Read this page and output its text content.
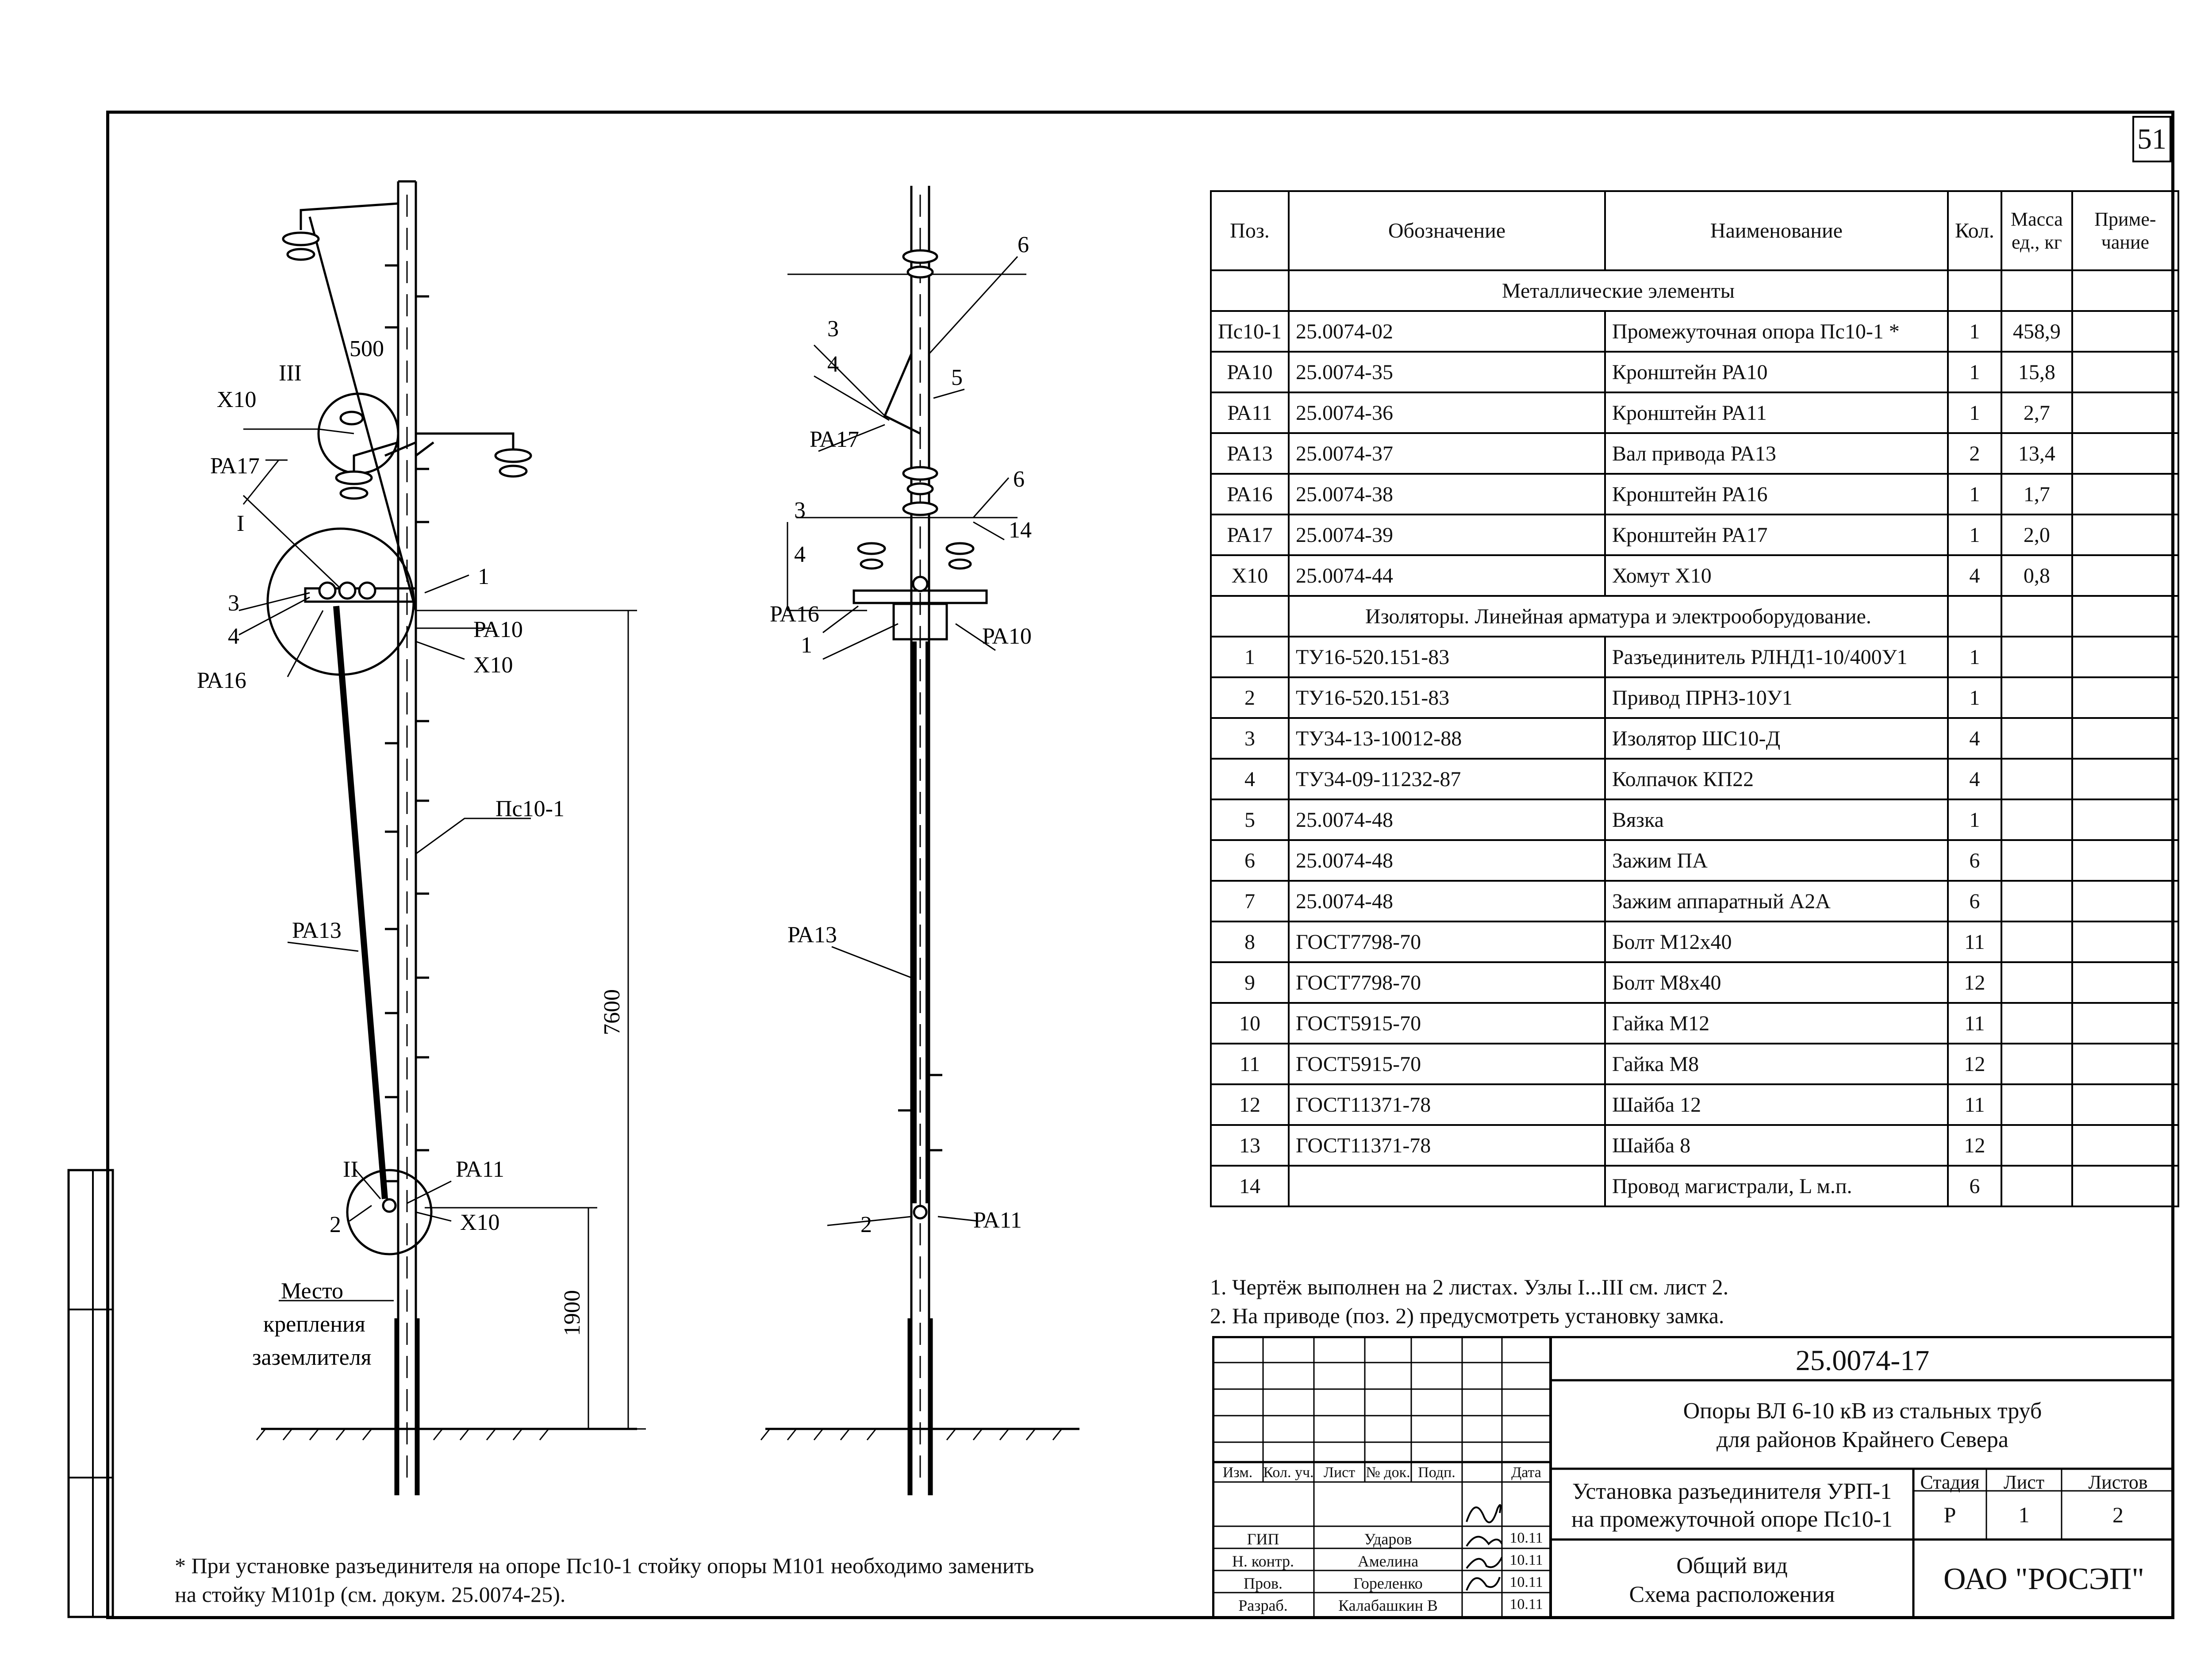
51
III
500
Х10
РА17
I
1
3
4
РА16
РА10
Х10
Пс10-1
РА13
II	РА11
2	Х10
Место
крепления
заземлителя
7600
1900
6
3
4
5
РА17
6
3
14
4
РА16
1	РА10
РА13
2	РА11
Поз.	Обозначение	Наименование	Кол.	Масса
ед., кг	Приме-
чание
	Металлические элементы				
Пс10-1	25.0074-02	Промежуточная опора Пс10-1 *	1	458,9	
РА10	25.0074-35	Кронштейн РА10	1	15,8	
РА11	25.0074-36	Кронштейн РА11	1	2,7	
РА13	25.0074-37	Вал привода РА13	2	13,4	
РА16	25.0074-38	Кронштейн РА16	1	1,7	
РА17	25.0074-39	Кронштейн РА17	1	2,0	
Х10	25.0074-44	Хомут Х10	4	0,8	
	Изоляторы. Линейная арматура и электрооборудование.				
1	ТУ16-520.151-83	Разъединитель РЛНД1-10/400У1	1		
2	ТУ16-520.151-83	Привод ПРНЗ-10У1	1		
3	ТУ34-13-10012-88	Изолятор ШС10-Д	4		
4	ТУ34-09-11232-87	Колпачок КП22	4		
5	25.0074-48	Вязка	1		
6	25.0074-48	Зажим ПА	6		
7	25.0074-48	Зажим аппаратный А2А	6		
8	ГОСТ7798-70	Болт М12х40	11		
9	ГОСТ7798-70	Болт М8х40	12		
10	ГОСТ5915-70	Гайка М12	11		
11	ГОСТ5915-70	Гайка М8	12		
12	ГОСТ11371-78	Шайба 12	11		
13	ГОСТ11371-78	Шайба 8	12		
14		Провод магистрали, L м.п.	6		
1. Чертёж выполнен на 2 листах. Узлы I...III см. лист 2.
2. На приводе (поз. 2) предусмотреть установку замка.
* При установке разъединителя на опоре Пс10-1 стойку опоры М101 необходимо заменить
на стойку М101р (см. докум. 25.0074-25).
Изм. Кол. уч. Лист № док. Подп.	Дата
ГИП	Ударов	10.11
Н. контр.	Амелина	10.11
Пров.	Гореленко	10.11
Разраб.	Калабашкин В	10.11
25.0074-17
Опоры ВЛ 6-10 кВ из стальных труб
для районов Крайнего Севера
Установка разъединителя УРП-1
на промежуточной опоре Пс10-1
Общий вид
Схема расположения
Стадия	Лист	Листов
Р	1	2
ОАО "РОСЭП"
